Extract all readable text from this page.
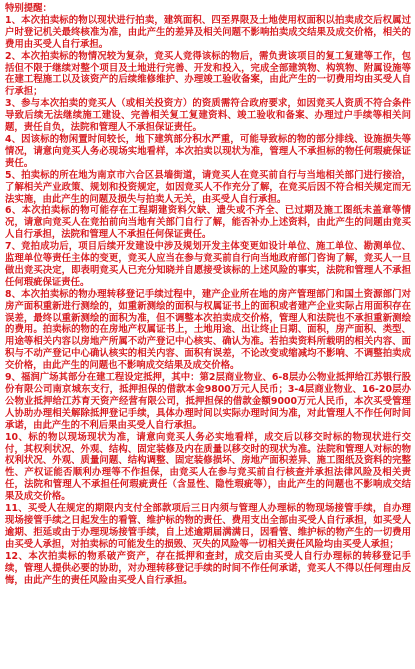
特别提醒：
1、本次拍卖标的物以现状进行拍卖，建筑面积、四至界限及土地使用权面积以拍卖成交后权属过户时登记机关最终核准为准，由此产生的差异及相关问题不影响拍卖成交结果及成交价格，相关的费用由买受人自行承担。
2、本次拍卖标的物情况较为复杂，竞买人竞得该标的物后，需负责该项目的复工复建等工作，包括但不限于继续对整个项目及土地进行完善、开发和投入，完成全部建筑物、构筑物、附属设施等在建工程施工以及该资产的后续维修维护、办理竣工验收备案，由此产生的一切费用均由买受人自行承担；
3、参与本次拍卖的竞买人（或相关投资方）的资质需符合政府要求，如因竞买人资质不符合条件导致后续无法继续施工建设、完善相关复工复建资料、竣工验收和备案、办理过户手续等相关问题，责任自负，法院和管理人不承担保证责任。
4、因该标的物闲置时间较长，地下建筑部分积水严重，可能导致标的物的部分排线、设施损失等情况，请意向竞买人务必现场实地看样，本次拍卖以现状为准，管理人不承担标的物任何瑕疵保证责任。
5、拍卖标的所在地为南京市六合区县墙街道，请竞买人在竞买前自行与当地相关部门进行接洽，了解相关产业政策、规划和投资规定，如因竞买人不作充分了解，在竞买后因不符合相关规定而无法实施，由此产生的问题及损失与拍卖人无关，由买受人自行承担。
6、本次拍卖标的物可能存在工程期建资料欠缺、遗失或不齐全、已过期及施工图纸未盖章等情况，请意向竞买人在竞拍前向当地有关部门自行了解，能否补办上述资料，由此产生的问题由竞买人自行承担，法院和管理人不承担任何保证责任。
7、竞拍成功后，项目后续开发建设中涉及规划开发主体变更如设计单位、施工单位、勘测单位、监理单位等责任主体的变更，竞买人应当在参与竞买前自行向当地政府部门咨询了解，竞买人一旦做出竞买决定，即表明竞买人已充分知晓并自愿接受该标的上述风险的事实，法院和管理人不承担任何瑕疵保证责任。
8、本次拍卖标的物办理转移登记手续过程中，建产企业所在地的房产管理部门和国土资源部门对房产面积重新进行测绘的，如重新测绘的面积与权属证书上的面积或者建产企业实际占用面积存在误差，最终以重新测绘的面积为准，但不调整本次拍卖成交价格，管理人和法院也不承担重新测绘的费用。拍卖标的物的在房地产权属证书上，土地用途、出让终止日期、面积，房产面积、类型、用途等相关内容以房地产所属不动产登记中心核实、确认为准。若拍卖资料所载明的相关内容、面积与不动产登记中心确认核实的相关内容、面积有误差，不论改变或缩减均不影响、不调整拍卖成交价格，由此产生的问题也不影响成交结果及成交价格。
9、福润广场其部分在建工程设定抵押，其中：第2层商业物业、6-8层办公物业抵押给江苏银行股份有限公司南京城东支行，抵押担保的借款本金9800万元人民币；3-4层商业物业、16-20层办公物业抵押给江苏育天资产经营有限公司，抵押担保的借款金额9000万元人民币，本次买受管理人协助办理相关解除抵押登记手续，具体办理时间以实际办理时间为准，对此管理人不作任何时间承诺，由此产生的不利后果由买受人自行承担。
10、标的物以现场现状为准，请意向竞买人务必实地看样，成交后以移交时标的物现状进行交付，其权利状况、外观、结构、固定装修及内在质量以移交时的现状为准。法院和管理人对标的物权利状况、外观、质量问题、结构调整、固定装修损坏、房地产面积差异、施工图纸及资料的完整性、产权证能否顺利办理等不作担保，由竞买人在参与竞买前自行核查并承担法律风险及相关责任，法院和管理人不承担任何瑕疵责任（含显性、隐性瑕疵等），由此产生的问题也不影响成交结果及成交价格。
11、买受人在规定的期限内支付全部款项后三日内须与管理人办理标的物现场接管手续，自办理现场接管手续之日起发生的看管、维护标的物的责任、费用支出全部由买受人自行承担，如买受人逾期、拒延或由于办理现场接管手续，自上述逾期届满满日，因看管、维护标的物产生的一切费用由买受人承担，对拍卖标的可能发生的损毁、灭失的风险等一切相关责任风险均由买受人承担；
12、本次拍卖标的物系破产资产，存在抵押和查封，成交后由买受人自行办理标的转移登记手续，管理人提供必要的协助，对办理转移登记手续的时间不作任何承诺，竞买人不得以任何理由反悔，由此产生的责任风险由买受人自行承担。
